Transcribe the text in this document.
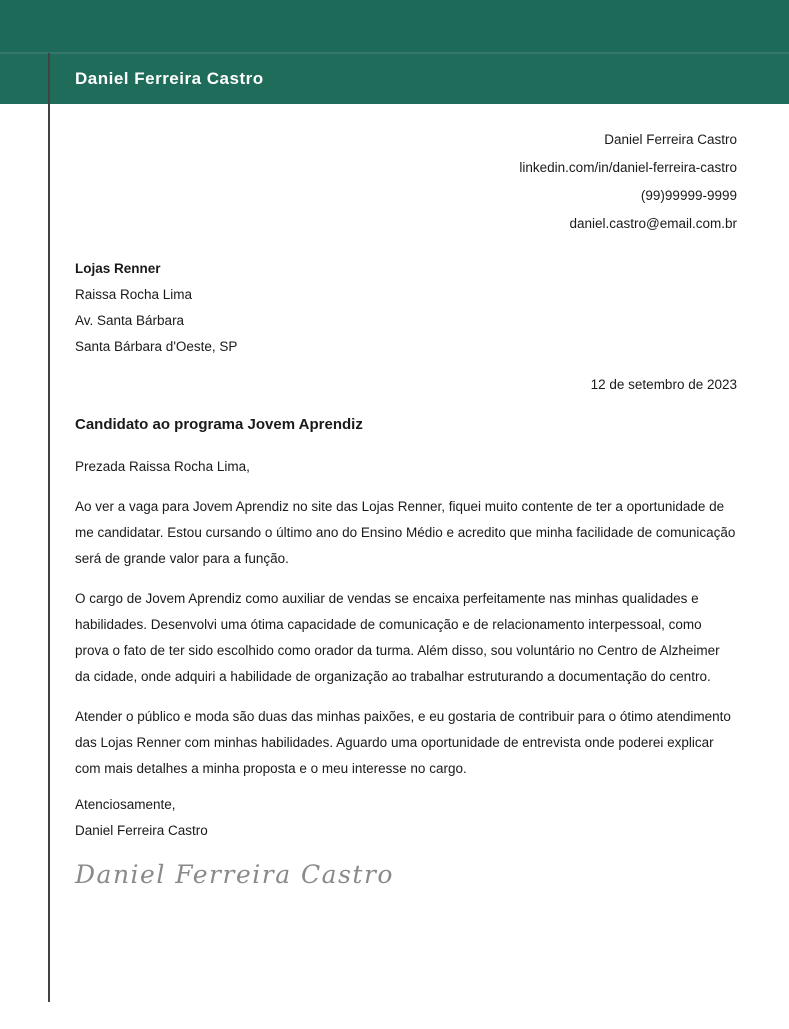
Daniel Ferreira Castro
Daniel Ferreira Castro
linkedin.com/in/daniel-ferreira-castro
(99)99999-9999
daniel.castro@email.com.br
Lojas Renner
Raissa Rocha Lima
Av. Santa Bárbara
Santa Bárbara d'Oeste, SP
12 de setembro de 2023
Candidato ao programa Jovem Aprendiz
Prezada Raissa Rocha Lima,

Ao ver a vaga para Jovem Aprendiz no site das Lojas Renner, fiquei muito contente de ter a oportunidade de me candidatar. Estou cursando o último ano do Ensino Médio e acredito que minha facilidade de comunicação será de grande valor para a função.

O cargo de Jovem Aprendiz como auxiliar de vendas se encaixa perfeitamente nas minhas qualidades e habilidades. Desenvolvi uma ótima capacidade de comunicação e de relacionamento interpessoal, como prova o fato de ter sido escolhido como orador da turma. Além disso, sou voluntário no Centro de Alzheimer da cidade, onde adquiri a habilidade de organização ao trabalhar estruturando a documentação do centro.

Atender o público e moda são duas das minhas paixões, e eu gostaria de contribuir para o ótimo atendimento das Lojas Renner com minhas habilidades. Aguardo uma oportunidade de entrevista onde poderei explicar com mais detalhes a minha proposta e o meu interesse no cargo.

Atenciosamente,
Daniel Ferreira Castro
Daniel Ferreira Castro
